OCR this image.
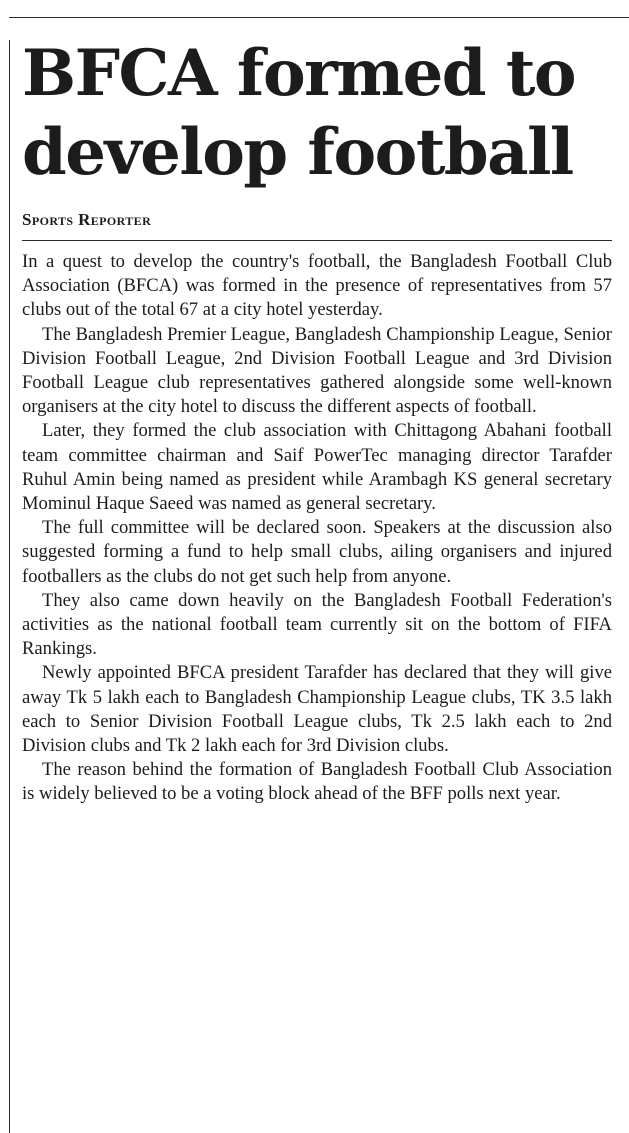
BFCA formed to develop football
Sports Reporter

In a quest to develop the country's football, the Bangladesh Football Club Association (BFCA) was formed in the presence of representatives from 57 clubs out of the total 67 at a city hotel yesterday.

The Bangladesh Premier League, Bangladesh Championship League, Senior Division Football League, 2nd Division Football League and 3rd Division Football League club representatives gathered alongside some well-known organisers at the city hotel to discuss the different aspects of football.

Later, they formed the club association with Chittagong Abahani football team committee chairman and Saif PowerTec managing director Tarafder Ruhul Amin being named as president while Arambagh KS general secretary Mominul Haque Saeed was named as general secretary.

The full committee will be declared soon. Speakers at the discussion also suggested forming a fund to help small clubs, ailing organisers and injured footballers as the clubs do not get such help from anyone.

They also came down heavily on the Bangladesh Football Federation's activities as the national football team currently sit on the bottom of FIFA Rankings.

Newly appointed BFCA president Tarafder has declared that they will give away Tk 5 lakh each to Bangladesh Championship League clubs, TK 3.5 lakh each to Senior Division Football League clubs, Tk 2.5 lakh each to 2nd Division clubs and Tk 2 lakh each for 3rd Division clubs.

The reason behind the formation of Bangladesh Football Club Association is widely believed to be a voting block ahead of the BFF polls next year.
